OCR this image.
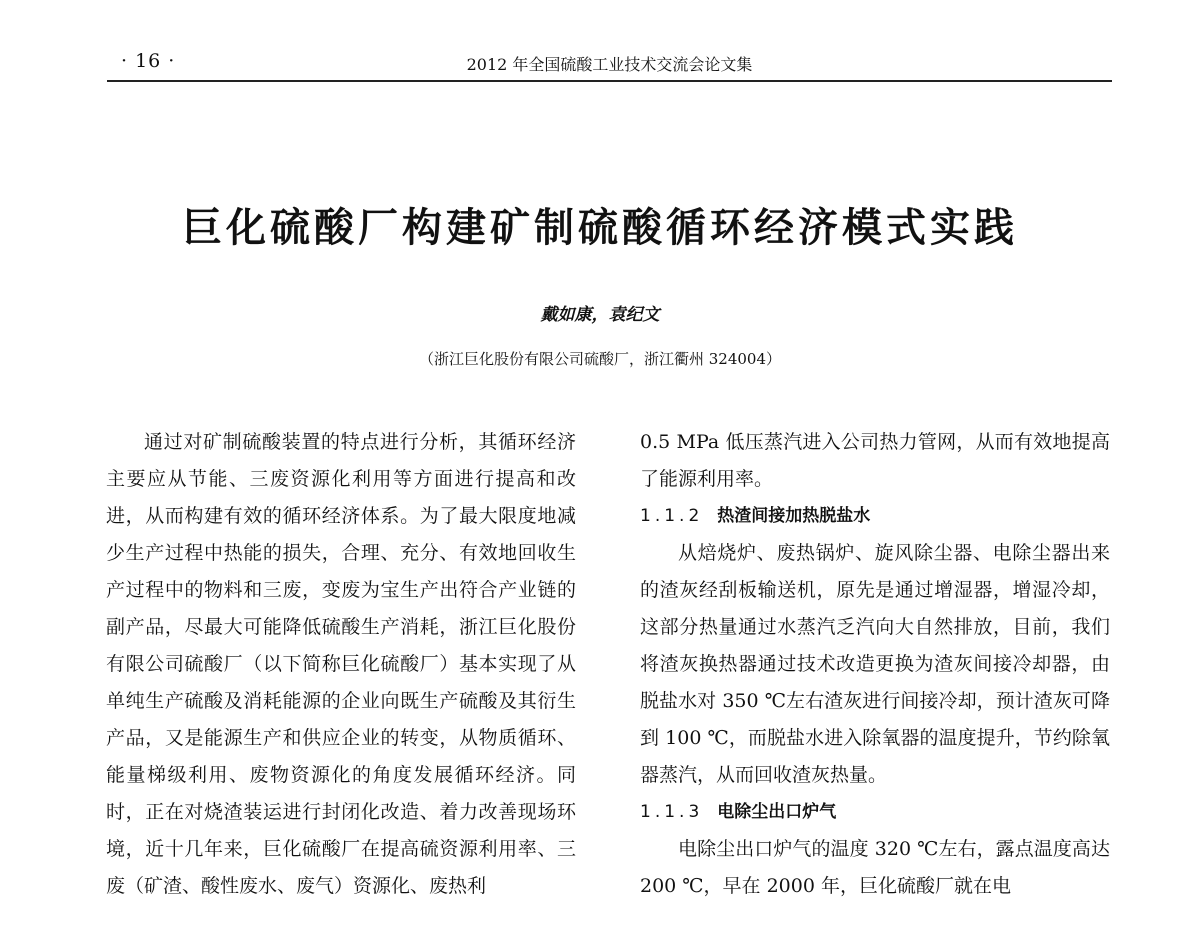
· 16 ·	2012 年全国硫酸工业技术交流会论文集
巨化硫酸厂构建矿制硫酸循环经济模式实践
戴如康，袁纪文
（浙江巨化股份有限公司硫酸厂，浙江衢州 324004）

通过对矿制硫酸装置的特点进行分析，其循环经济主要应从节能、三废资源化利用等方面进行提高和改进，从而构建有效的循环经济体系。为了最大限度地减少生产过程中热能的损失，合理、充分、有效地回收生产过程中的物料和三废，变废为宝生产出符合产业链的副产品，尽最大可能降低硫酸生产消耗，浙江巨化股份有限公司硫酸厂（以下简称巨化硫酸厂）基本实现了从单纯生产硫酸及消耗能源的企业向既生产硫酸及其衍生产品，又是能源生产和供应企业的转变，从物质循环、能量梯级利用、废物资源化的角度发展循环经济。同时，正在对烧渣装运进行封闭化改造、着力改善现场环境，近十几年来，巨化硫酸厂在提高硫资源利用率、三废（矿渣、酸性废水、废气）资源化、废热利

0.5 MPa 低压蒸汽进入公司热力管网，从而有效地提高了能源利用率。

1.1.2 热渣间接加热脱盐水

从焙烧炉、废热锅炉、旋风除尘器、电除尘器出来的渣灰经刮板输送机，原先是通过增湿器，增湿冷却，这部分热量通过水蒸汽乏汽向大自然排放，目前，我们将渣灰换热器通过技术改造更换为渣灰间接冷却器，由脱盐水对 350 ℃左右渣灰进行间接冷却，预计渣灰可降到 100 ℃，而脱盐水进入除氧器的温度提升，节约除氧器蒸汽，从而回收渣灰热量。

1.1.3 电除尘出口炉气

电除尘出口炉气的温度 320 ℃左右，露点温度高达 200 ℃，早在 2000 年，巨化硫酸厂就在电
